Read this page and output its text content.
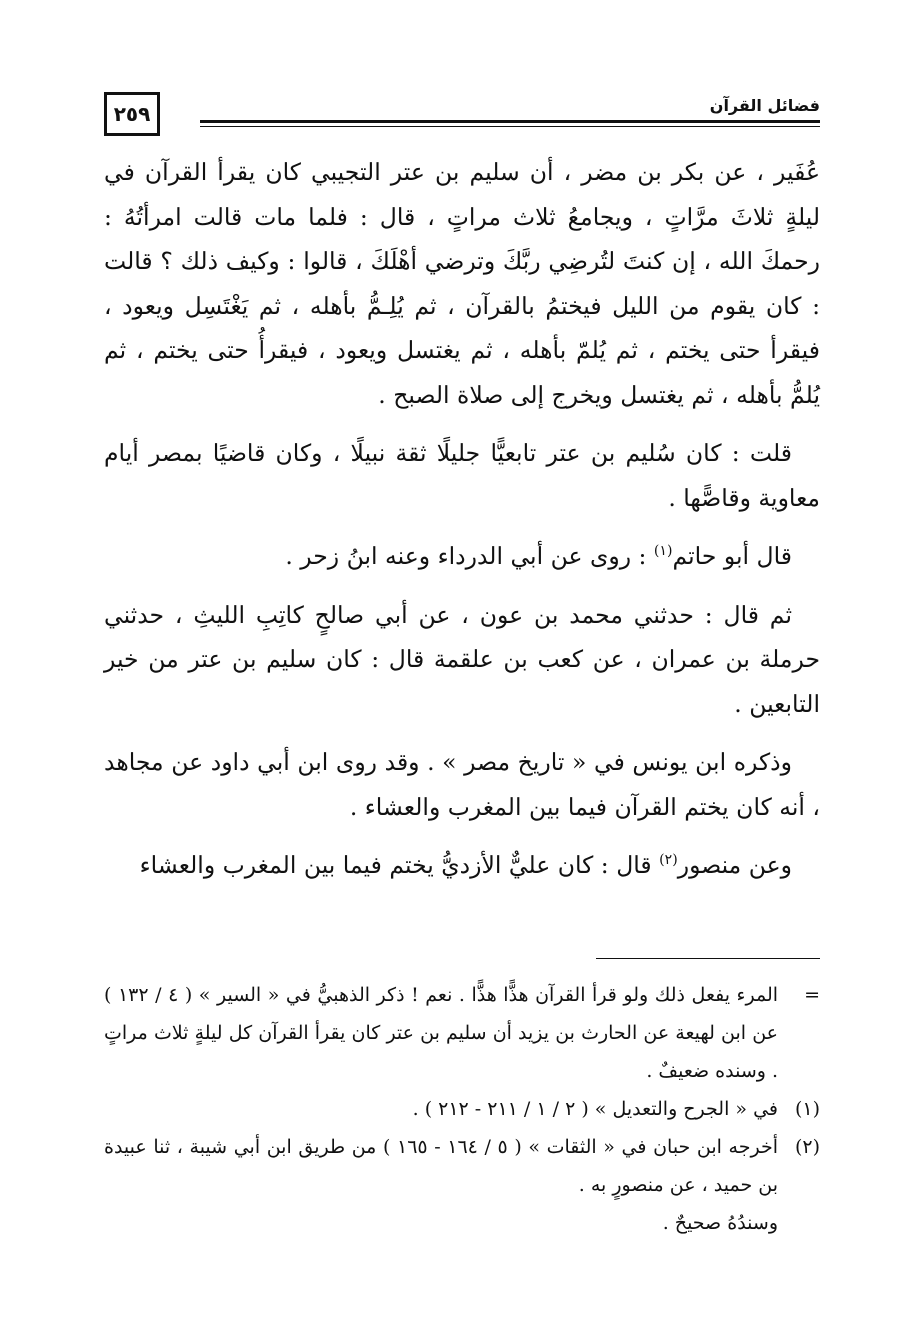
٢٥٩	فضائل القرآن

عُفَير ، عن بكر بن مضر ، أن سليم بن عتر التجيبي كان يقرأ القرآن في ليلةٍ ثلاثَ مرَّاتٍ ، ويجامعُ ثلاث مراتٍ ، قال : فلما مات قالت امرأتُهُ : رحمكَ الله ، إن كنتَ لتُرضِي ربَّكَ وترضي أهْلَكَ ، قالوا : وكيف ذلك ؟ قالت : كان يقوم من الليل فيختمُ بالقرآن ، ثم يُلِـمُّ بأهله ، ثم يَغْتَسِل ويعود ، فيقرأ حتى يختم ، ثم يُلمّ بأهله ، ثم يغتسل ويعود ، فيقرأُ حتى يختم ، ثم يُلمُّ بأهله ، ثم يغتسل ويخرج إلى صلاة الصبح .

قلت : كان سُليم بن عتر تابعيًّا جليلًا ثقة نبيلًا ، وكان قاضيًا بمصر أيام معاوية وقاصًّها .

قال أبو حاتم$^{(١)}$ : روى عن أبي الدرداء وعنه ابنُ زحر .

ثم قال : حدثني محمد بن عون ، عن أبي صالحٍ كاتِبِ الليثِ ، حدثني حرملة بن عمران ، عن كعب بن علقمة قال : كان سليم بن عتر من خير التابعين .

وذكره ابن يونس في « تاريخ مصر » . وقد روى ابن أبي داود عن مجاهد ، أنه كان يختم القرآن فيما بين المغرب والعشاء .

وعن منصور$^{(٢)}$ قال : كان عليٌّ الأزديُّ يختم فيما بين المغرب والعشاء

=
المرء يفعل ذلك ولو قرأ القرآن هذًّا هذًّا . نعم ! ذكر الذهبيُّ في « السير » ( ٤ / ١٣٢ ) عن ابن لهيعة عن الحارث بن يزيد أن سليم بن عتر كان يقرأ القرآن كل ليلةٍ ثلاث مراتٍ . وسنده ضعيفٌ .
(١)
في « الجرح والتعديل » ( ٢ / ١ / ٢١١ - ٢١٢ ) .
(٢)
أخرجه ابن حبان في « الثقات » ( ٥ / ١٦٤ - ١٦٥ ) من طريق ابن أبي شيبة ، ثنا عبيدة بن حميد ، عن منصورٍ به .
وسندُهُ صحيحٌ .
